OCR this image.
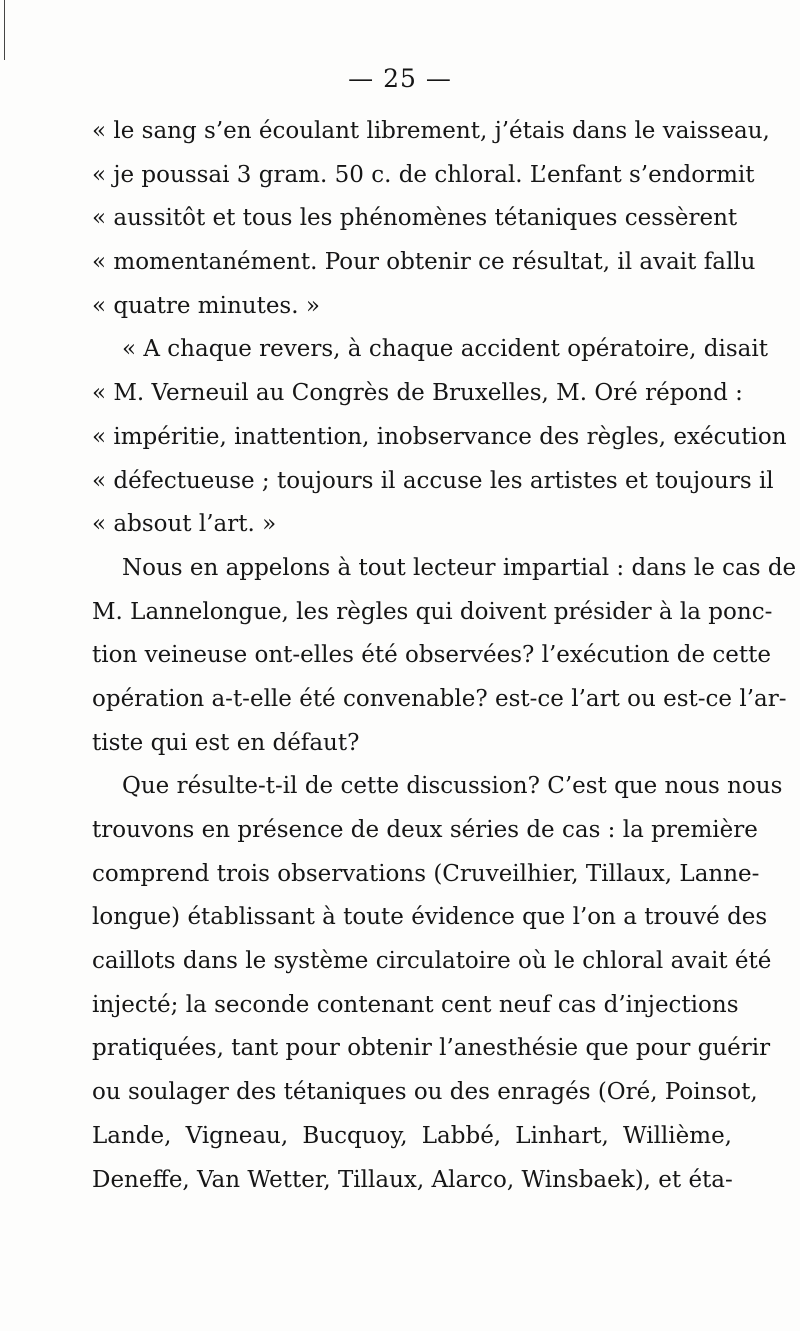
— 25 —
« le sang s’en écoulant librement, j’étais dans le vaisseau,
« je poussai 3 gram. 50 c. de chloral. L’enfant s’endormit
« aussitôt et tous les phénomènes tétaniques cessèrent
« momentanément. Pour obtenir ce résultat, il avait fallu
« quatre minutes. »
« A chaque revers, à chaque accident opératoire, disait
« M. Verneuil au Congrès de Bruxelles, M. Oré répond :
« impéritie, inattention, inobservance des règles, exécution
« défectueuse ; toujours il accuse les artistes et toujours il
« absout l’art. »
Nous en appelons à tout lecteur impartial : dans le cas de
M. Lannelongue, les règles qui doivent présider à la ponc-
tion veineuse ont-elles été observées? l’exécution de cette
opération a-t-elle été convenable? est-ce l’art ou est-ce l’ar-
tiste qui est en défaut?
Que résulte-t-il de cette discussion? C’est que nous nous
trouvons en présence de deux séries de cas : la première
comprend trois observations (Cruveilhier, Tillaux, Lanne-
longue) établissant à toute évidence que l’on a trouvé des
caillots dans le système circulatoire où le chloral avait été
injecté; la seconde contenant cent neuf cas d’injections
pratiquées, tant pour obtenir l’anesthésie que pour guérir
ou soulager des tétaniques ou des enragés (Oré, Poinsot,
Lande, Vigneau, Bucquoy, Labbé, Linhart, Willième,
Deneffe, Van Wetter, Tillaux, Alarco, Winsbaek), et éta-
